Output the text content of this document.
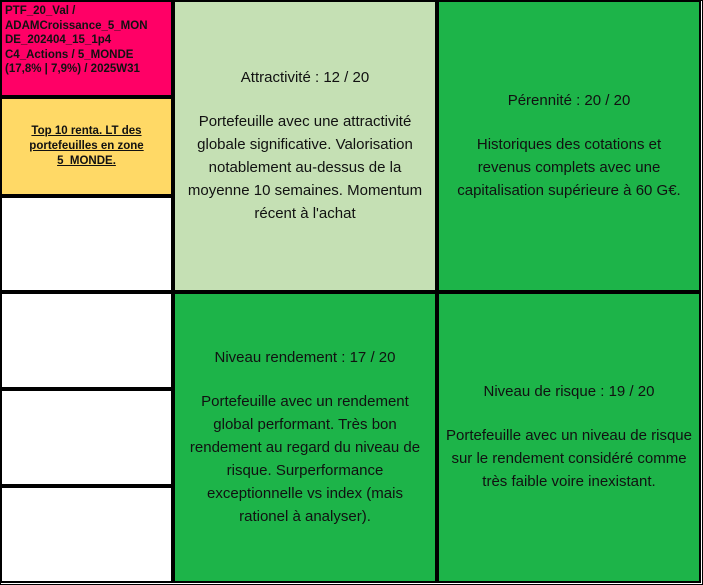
PTF_20_Val /
ADAMCroissance_5_MON
DE_202404_15_1p4
C4_Actions / 5_MONDE
(17,8% | 7,9%) / 2025W31
Top 10 renta. LT des
portefeuilles en zone
5_MONDE.
Attractivité : 12 / 20
Portefeuille avec une attractivité globale significative. Valorisation notablement au-dessus de la moyenne 10 semaines. Momentum récent à l'achat
Pérennité : 20 / 20
Historiques des cotations et revenus complets avec une capitalisation supérieure à 60 G€.
Niveau rendement : 17 / 20
Portefeuille avec un rendement global performant. Très bon rendement au regard du niveau de risque. Surperformance exceptionnelle vs index (mais rationel à analyser).
Niveau de risque : 19 / 20
Portefeuille avec un niveau de risque sur le rendement considéré comme très faible voire inexistant.
